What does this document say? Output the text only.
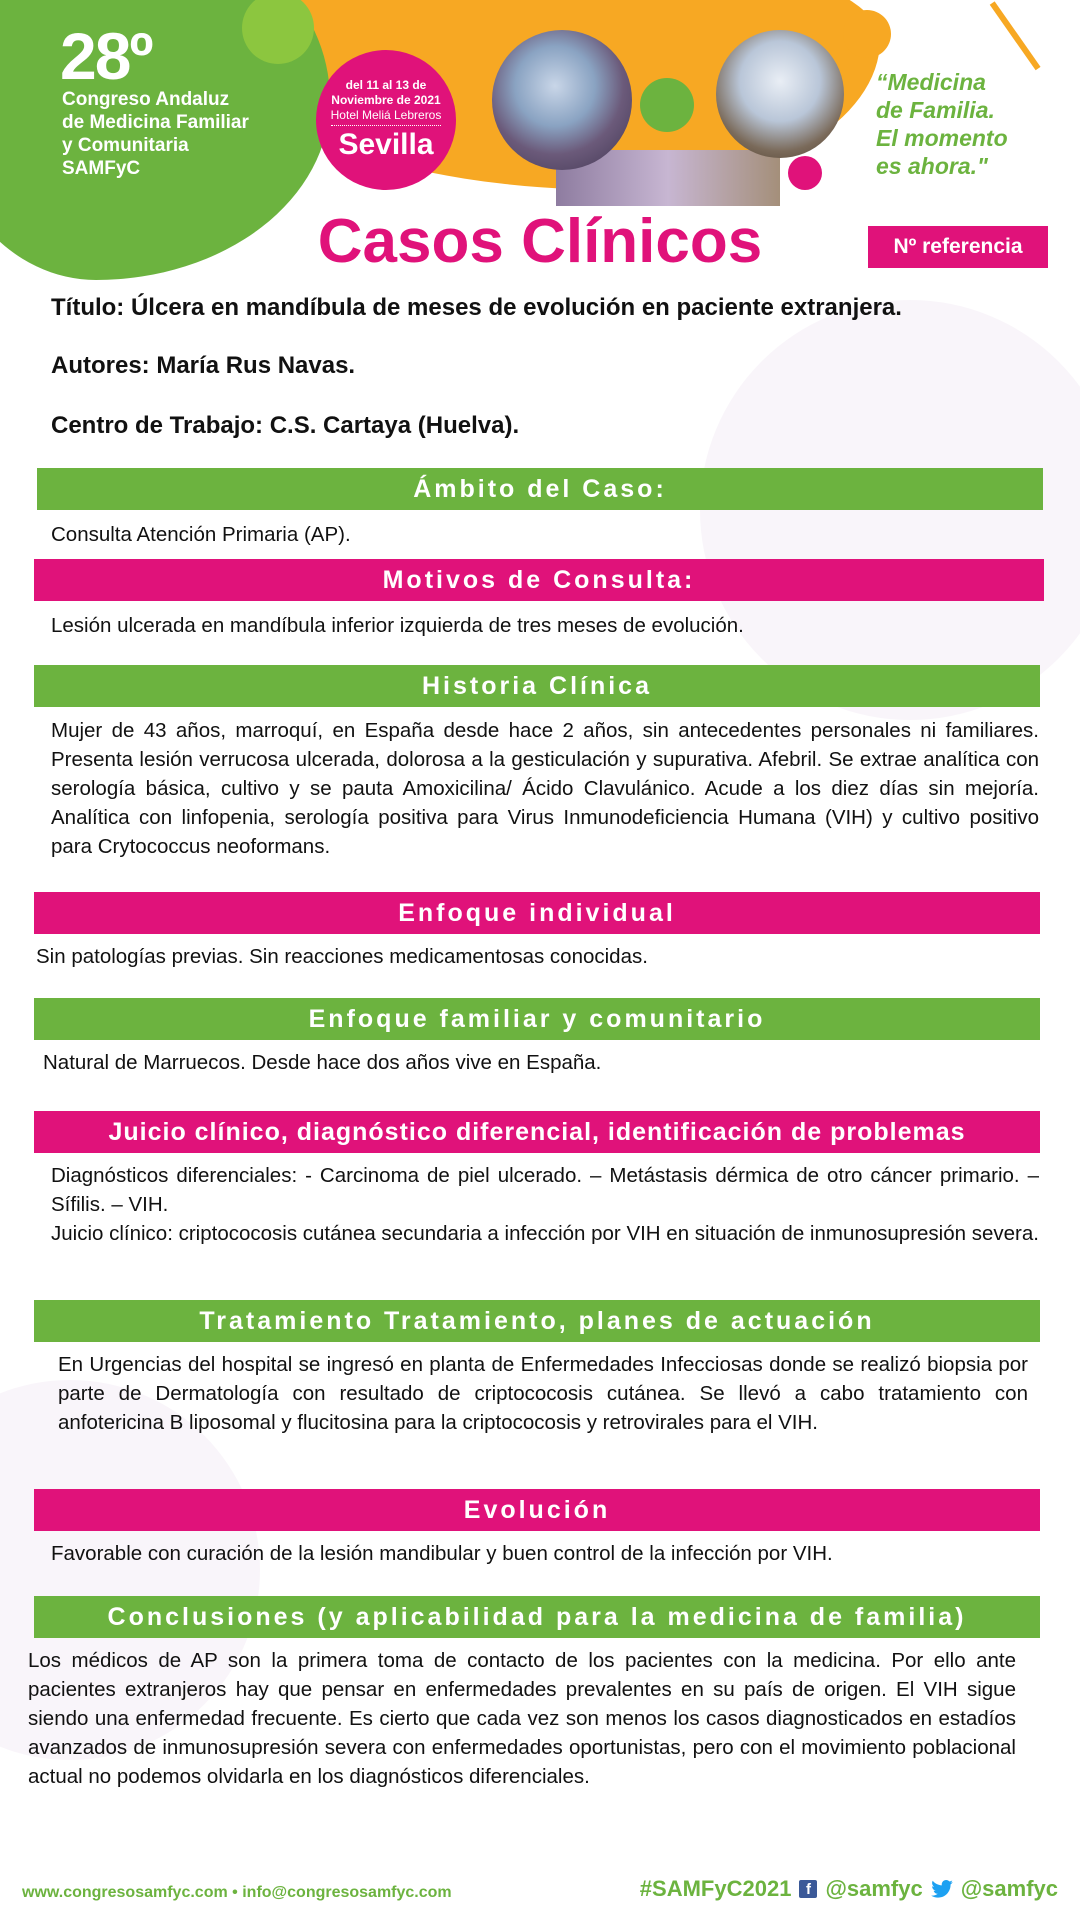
28º
Congreso Andaluz
de Medicina Familiar
y Comunitaria
SAMFyC
del 11 al 13 de
Noviembre de 2021
Hotel Meliá Lebreros
Sevilla
“Medicina
de Familia.
El momento
es ahora."
Casos Clínicos	Nº referencia
Título: Úlcera en mandíbula de meses de evolución en paciente extranjera.
Autores: María Rus Navas.
Centro de Trabajo: C.S. Cartaya (Huelva).
Ámbito del Caso:
Consulta Atención Primaria (AP).
Motivos de Consulta:
Lesión ulcerada en mandíbula inferior izquierda de tres meses de evolución.
Historia Clínica
Mujer de 43 años, marroquí, en España desde hace 2 años, sin antecedentes personales ni familiares. Presenta lesión verrucosa ulcerada, dolorosa a la gesticulación y supurativa. Afebril. Se extrae analítica con serología básica, cultivo y se pauta Amoxicilina/ Ácido Clavulánico. Acude a los diez días sin mejoría. Analítica con linfopenia, serología positiva para Virus Inmunodeficiencia Humana (VIH) y cultivo positivo para Crytococcus neoformans.
Enfoque individual
Sin patologías previas. Sin reacciones medicamentosas conocidas.
Enfoque familiar y comunitario
Natural de Marruecos. Desde hace dos años vive en España.
Juicio clínico, diagnóstico diferencial, identificación de problemas

Diagnósticos diferenciales: - Carcinoma de piel ulcerado. – Metástasis dérmica de otro cáncer primario. – Sífilis. – VIH.

Juicio clínico: criptococosis cutánea secundaria a infección por VIH en situación de inmunosupresión severa.

Tratamiento Tratamiento, planes de actuación
En Urgencias del hospital se ingresó en planta de Enfermedades Infecciosas donde se realizó biopsia por parte de Dermatología con resultado de criptococosis cutánea. Se llevó a cabo tratamiento con anfotericina B liposomal y flucitosina para la criptococosis y retrovirales para el VIH.
Evolución
Favorable con curación de la lesión mandibular y buen control de la infección por VIH.
Conclusiones (y aplicabilidad para la medicina de familia)
Los médicos de AP son la primera toma de contacto de los pacientes con la medicina. Por ello ante pacientes extranjeros hay que pensar en enfermedades prevalentes en su país de origen. El VIH sigue siendo una enfermedad frecuente. Es cierto que cada vez son menos los casos diagnosticados en estadíos avanzados de inmunosupresión severa con enfermedades oportunistas, pero con el movimiento poblacional actual no podemos olvidarla en los diagnósticos diferenciales.
www.congresosamfyc.com • info@congresosamfyc.com	#SAMFyC2021 f @samfyc @samfyc
